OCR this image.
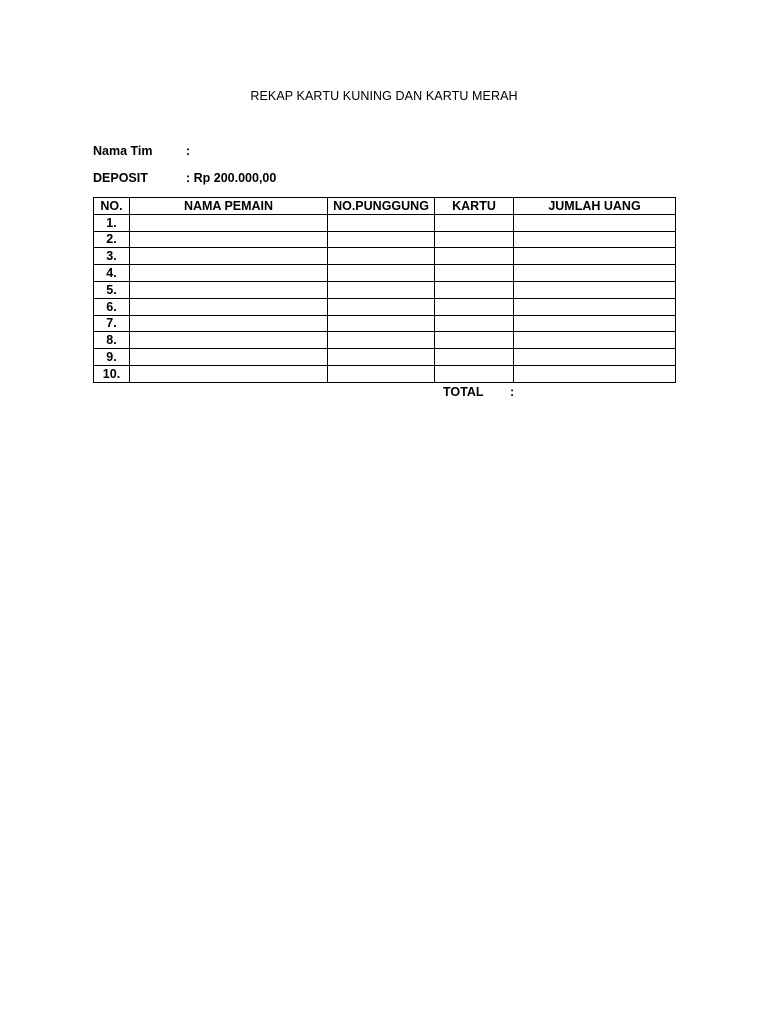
REKAP KARTU KUNING DAN KARTU MERAH
Nama Tim	:
DEPOSIT	: Rp 200.000,00
NO.	NAMA PEMAIN	NO.PUNGGUNG	KARTU	JUMLAH UANG
1.				
2.				
3.				
4.				
5.				
6.				
7.				
8.				
9.				
10.				
TOTAL :
